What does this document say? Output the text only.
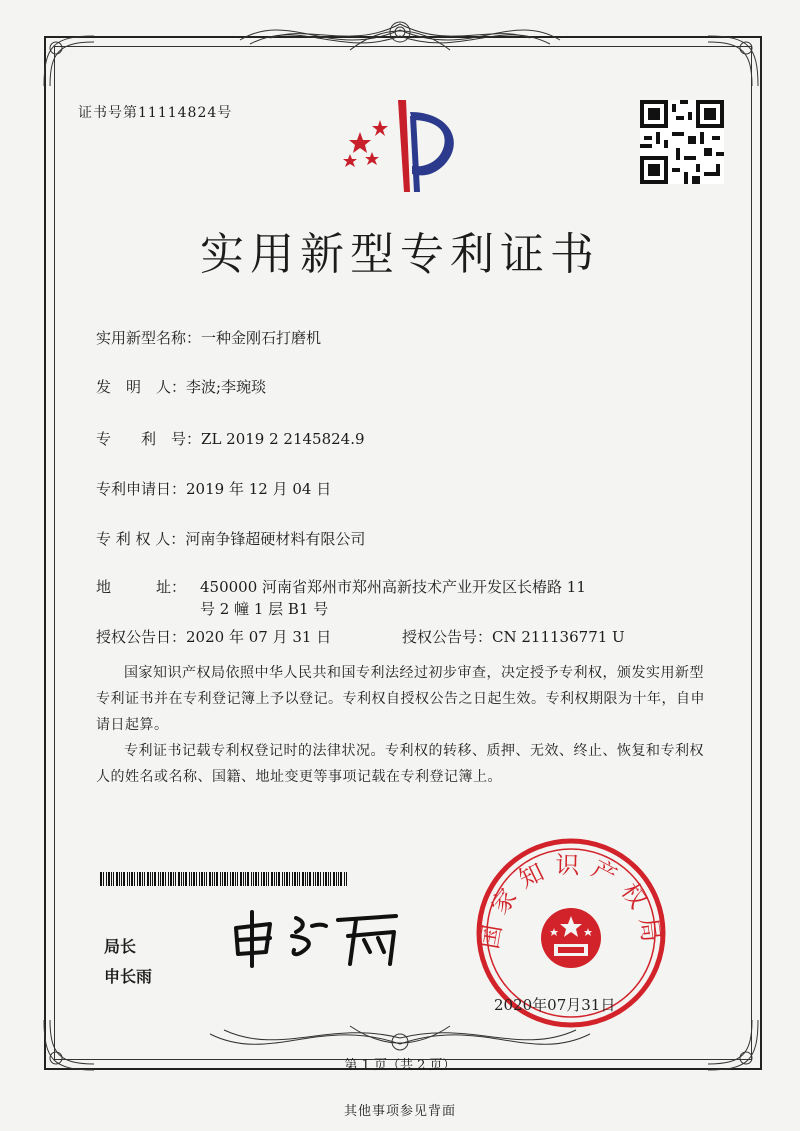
证书号第11114824号
实用新型专利证书
实用新型名称：一种金刚石打磨机
发　明　人：李波;李琬琰
专　　利　号：ZL 2019 2 2145824.9
专利申请日：2019 年 12 月 04 日
专 利 权 人：河南争锋超硬材料有限公司
地　　　址： 450000 河南省郑州市郑州高新技术产业开发区长椿路 11
号 2 幢 1 层 B1 号
授权公告日：2020 年 07 月 31 日	授权公告号：CN 211136771 U
国家知识产权局依照中华人民共和国专利法经过初步审查，决定授予专利权，颁发实用新型专利证书并在专利登记簿上予以登记。专利权自授权公告之日起生效。专利权期限为十年，自申请日起算。
专利证书记载专利权登记时的法律状况。专利权的转移、质押、无效、终止、恢复和专利权人的姓名或名称、国籍、地址变更等事项记载在专利登记簿上。
局长
申长雨
国家知识产权局
2020年07月31日
第 1 页（共 2 页）
其他事项参见背面
